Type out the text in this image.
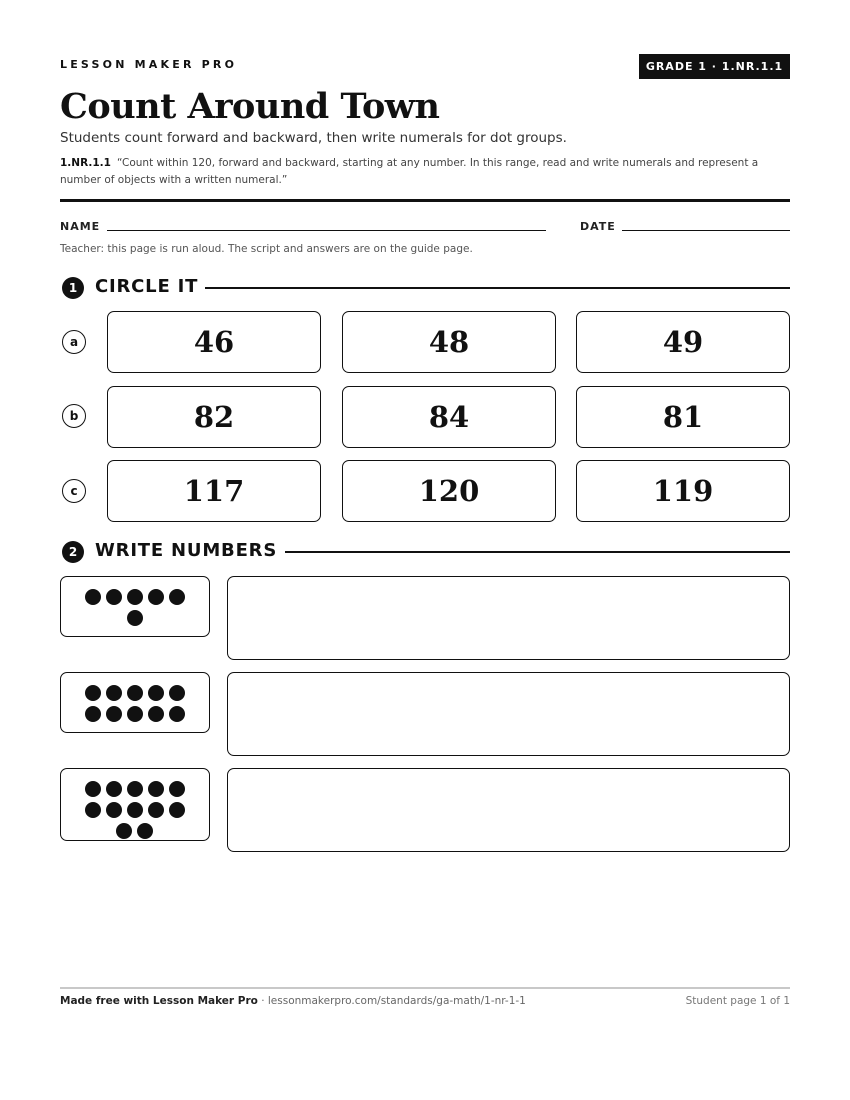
LESSON MAKER PRO	GRADE 1 · 1.NR.1.1
Count Around Town
Students count forward and backward, then write numerals for dot groups.
1.NR.1.1 “Count within 120, forward and backward, starting at any number. In this range, read and write numerals and represent a number of objects with a written numeral.”
NAME	DATE
Teacher: this page is run aloud. The script and answers are on the guide page.
1 CIRCLE IT
a	46	48	49
b	82	84	81
c	117	120	119
2 WRITE NUMBERS
Made free with Lesson Maker Pro · lessonmakerpro.com/standards/ga-math/1-nr-1-1	Student page 1 of 1
